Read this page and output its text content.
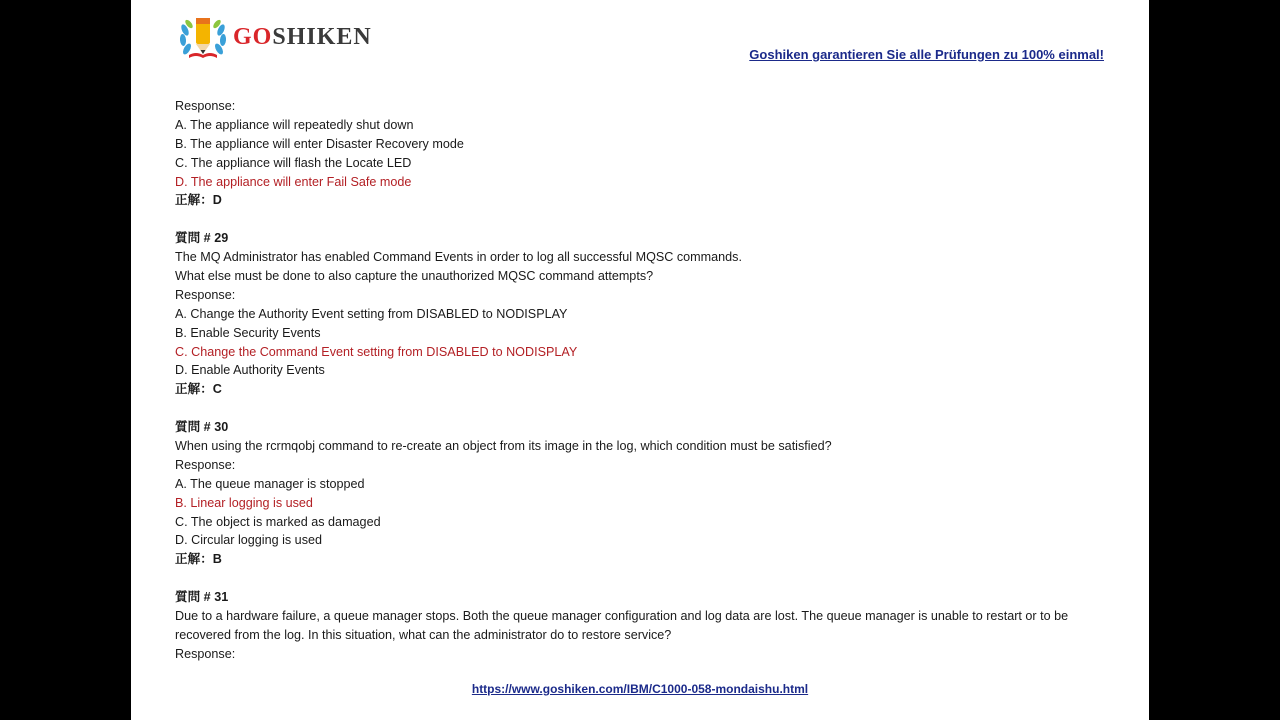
GOSHIKEN
Goshiken garantieren Sie alle Prüfungen zu 100% einmal!
Response:
A. The appliance will repeatedly shut down
B. The appliance will enter Disaster Recovery mode
C. The appliance will flash the Locate LED
D. The appliance will enter Fail Safe mode
正解：D
質問 # 29
The MQ Administrator has enabled Command Events in order to log all successful MQSC commands.
What else must be done to also capture the unauthorized MQSC command attempts?
Response:
A. Change the Authority Event setting from DISABLED to NODISPLAY
B. Enable Security Events
C. Change the Command Event setting from DISABLED to NODISPLAY
D. Enable Authority Events
正解：C
質問 # 30
When using the rcrmqobj command to re-create an object from its image in the log, which condition must be satisfied?
Response:
A. The queue manager is stopped
B. Linear logging is used
C. The object is marked as damaged
D. Circular logging is used
正解：B
質問 # 31
Due to a hardware failure, a queue manager stops. Both the queue manager configuration and log data are lost. The queue manager is unable to restart or to be
recovered from the log. In this situation, what can the administrator do to restore service?
Response:
https://www.goshiken.com/IBM/C1000-058-mondaishu.html
